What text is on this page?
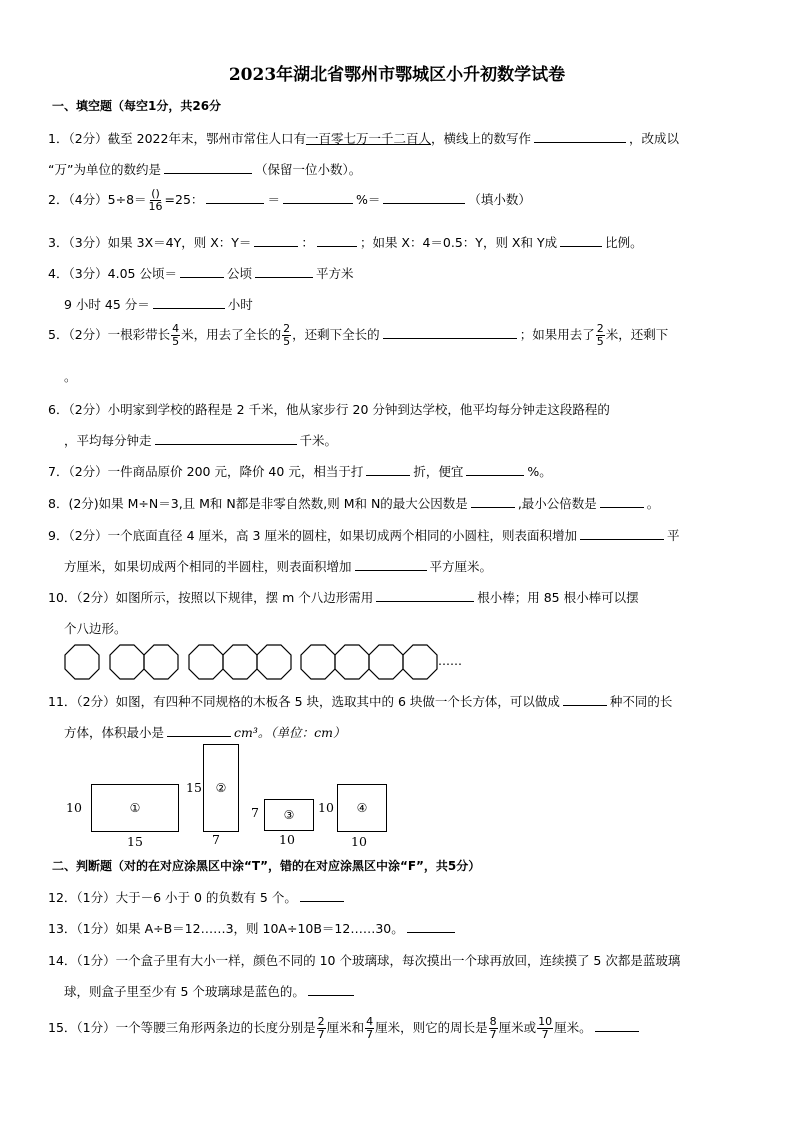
2023年湖北省鄂州市鄂城区小升初数学试卷
一、填空题（每空1分，共26分
1．（2分）截至 2022年末，鄂州市常住人口有一百零七万一千二百人，横线上的数写作	，改成以
“万”为单位的数约是	（保留一位小数）。
2．（4分）$5\div 8= \frac{()}{16} =25$：	＝	%＝	（填小数）
3．（3分）如果 3X＝4Y，则 X：Y＝	：	；如果 X：4＝0.5：Y，则 X和 Y成	比例。
4．（3分）4.05 公顷＝	公顷	平方米
9 小时 45 分＝	小时
5．（2分）一根彩带长 $\frac{4}{5}$ 米，用去了全长的 $\frac{2}{5}$ ，还剩下全长的	；如果用去了 $\frac{2}{5}$ 米，还剩下
。
6．（2分）小明家到学校的路程是 2 千米，他从家步行 20 分钟到达学校，他平均每分钟走这段路程的
，平均每分钟走	千米。
7．（2分）一件商品原价 200 元，降价 40 元，相当于打	折，便宜	%。
8．(2分)如果 M÷N＝3,且 M和 N都是非零自然数,则 M和 N的最大公因数是	,最小公倍数是	。
9．（2分）一个底面直径 4 厘米，高 3 厘米的圆柱，如果切成两个相同的小圆柱，则表面积增加	平
方厘米，如果切成两个相同的半圆柱，则表面积增加	平方厘米。
10．（2分）如图所示，按照以下规律，摆 m 个八边形需用	根小棒；用 85 根小棒可以摆
个八边形。
……
11．（2分）如图，有四种不同规格的木板各 5 块，选取其中的 6 块做一个长方体，可以做成	种不同的长
方体，体积最小是	cm³。（单位：cm）
10	①
15
15 ②
7
7 ③
10
10 ④
10
二、判断题（对的在对应涂黑区中涂“T”，错的在对应涂黑区中涂“F”，共5分）
12．（1分）大于－6 小于 0 的负数有 5 个。
13．（1分）如果 A÷B＝12……3，则 10A÷10B＝12……30。
14．（1分）一个盒子里有大小一样，颜色不同的 10 个玻璃球，每次摸出一个球再放回，连续摸了 5 次都是蓝玻璃
球，则盒子里至少有 5 个玻璃球是蓝色的。
15．（1分）一个等腰三角形两条边的长度分别是 $\frac{2}{7}$ 厘米和 $\frac{4}{7}$ 厘米，则它的周长是 $\frac{8}{7}$ 厘米或 $\frac{10}{7}$ 厘米。
